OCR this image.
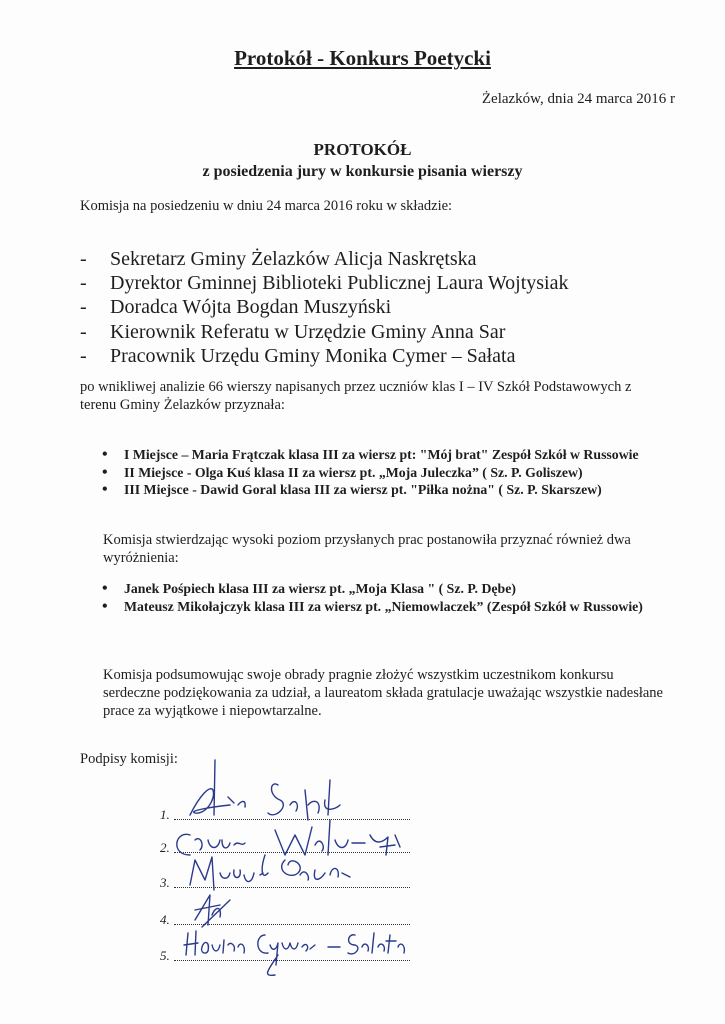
Protokół - Konkurs Poetycki
Żelazków, dnia 24 marca 2016 r
PROTOKÓŁ
z posiedzenia jury w konkursie pisania wierszy
Komisja na posiedzeniu w dniu 24 marca 2016 roku w składzie:
- Sekretarz Gminy Żelazków Alicja Naskrętska
- Dyrektor Gminnej Biblioteki Publicznej Laura Wojtysiak
- Doradca Wójta Bogdan Muszyński
- Kierownik Referatu w Urzędzie Gminy Anna Sar
- Pracownik Urzędu Gminy Monika Cymer – Sałata

po wnikliwej analizie 66 wierszy napisanych przez uczniów klas I – IV Szkół Podstawowych z terenu Gminy Żelazków przyznała:

• I Miejsce – Maria Frątczak klasa III za wiersz pt: "Mój brat" Zespół Szkół w Russowie
• II Miejsce - Olga Kuś klasa II za wiersz pt. „Moja Juleczka” ( Sz. P. Goliszew)
• III Miejsce - Dawid Goral klasa III za wiersz pt. "Piłka nożna" ( Sz. P. Skarszew)

Komisja stwierdzając wysoki poziom przysłanych prac postanowiła przyznać również dwa wyróżnienia:

• Janek Pośpiech klasa III za wiersz pt. „Moja Klasa " ( Sz. P. Dębe)
• Mateusz Mikołajczyk klasa III za wiersz pt. „Niemowlaczek” (Zespół Szkół w Russowie)

Komisja podsumowując swoje obrady pragnie złożyć wszystkim uczestnikom konkursu serdeczne podziękowania za udział, a laureatom składa gratulacje uważając wszystkie nadesłane prace za wyjątkowe i niepowtarzalne.

Podpisy komisji:
1.
2.
3.
4.
5.
